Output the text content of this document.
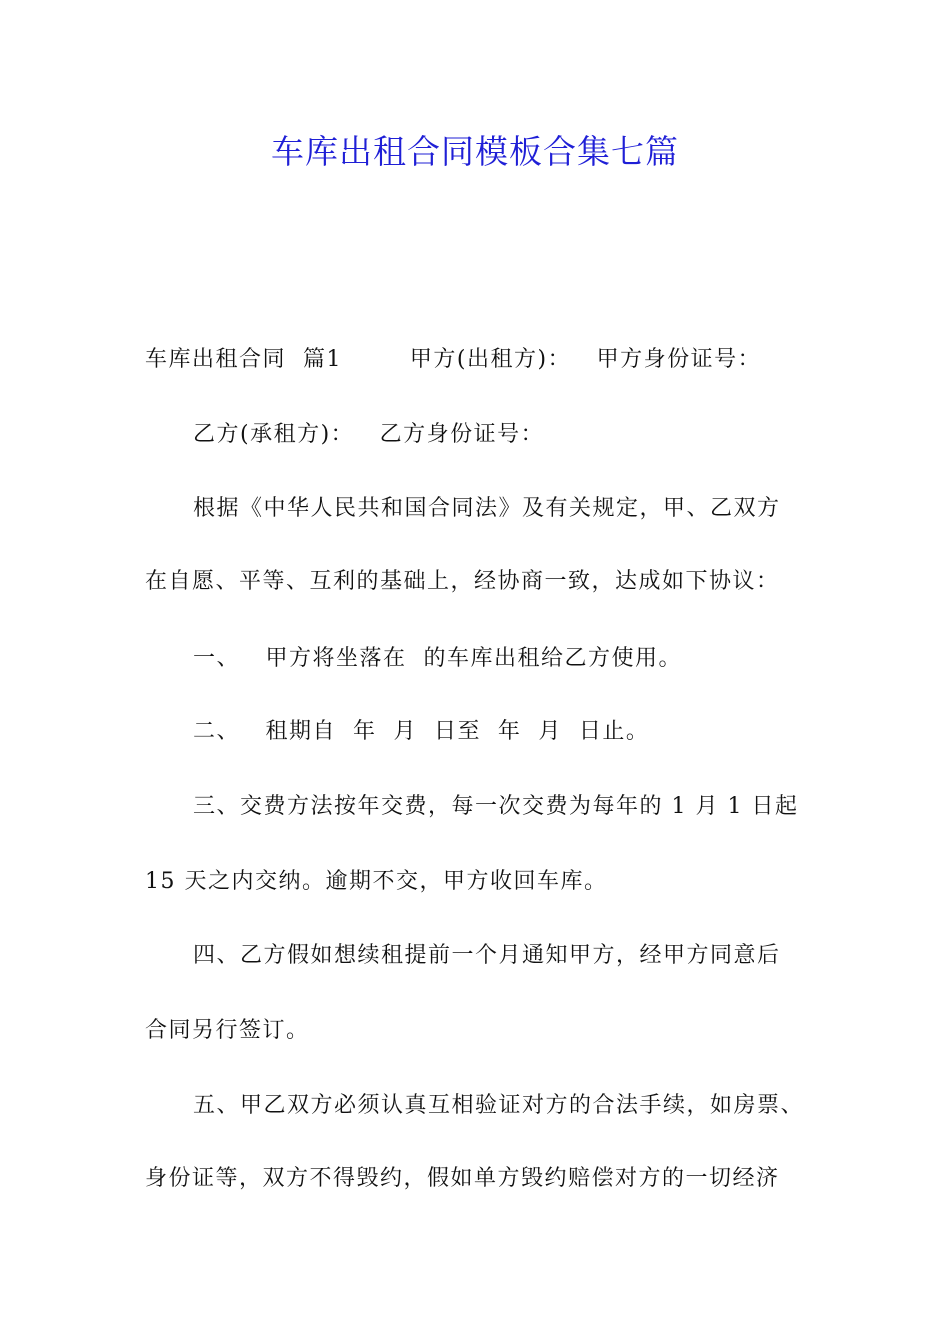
车库出租合同模板合集七篇
车库出租合同  篇1        甲方(出租方)：   甲方身份证号：
乙方(承租方)：   乙方身份证号：
根据《中华人民共和国合同法》及有关规定，甲、乙双方
在自愿、平等、互利的基础上，经协商一致，达成如下协议：
一、   甲方将坐落在  的车库出租给乙方使用。
二、   租期自  年  月  日至  年  月  日止。
三、交费方法按年交费，每一次交费为每年的 1 月 1 日起
15 天之内交纳。逾期不交，甲方收回车库。
四、乙方假如想续租提前一个月通知甲方，经甲方同意后
合同另行签订。
五、甲乙双方必须认真互相验证对方的合法手续，如房票、
身份证等，双方不得毁约，假如单方毁约赔偿对方的一切经济
